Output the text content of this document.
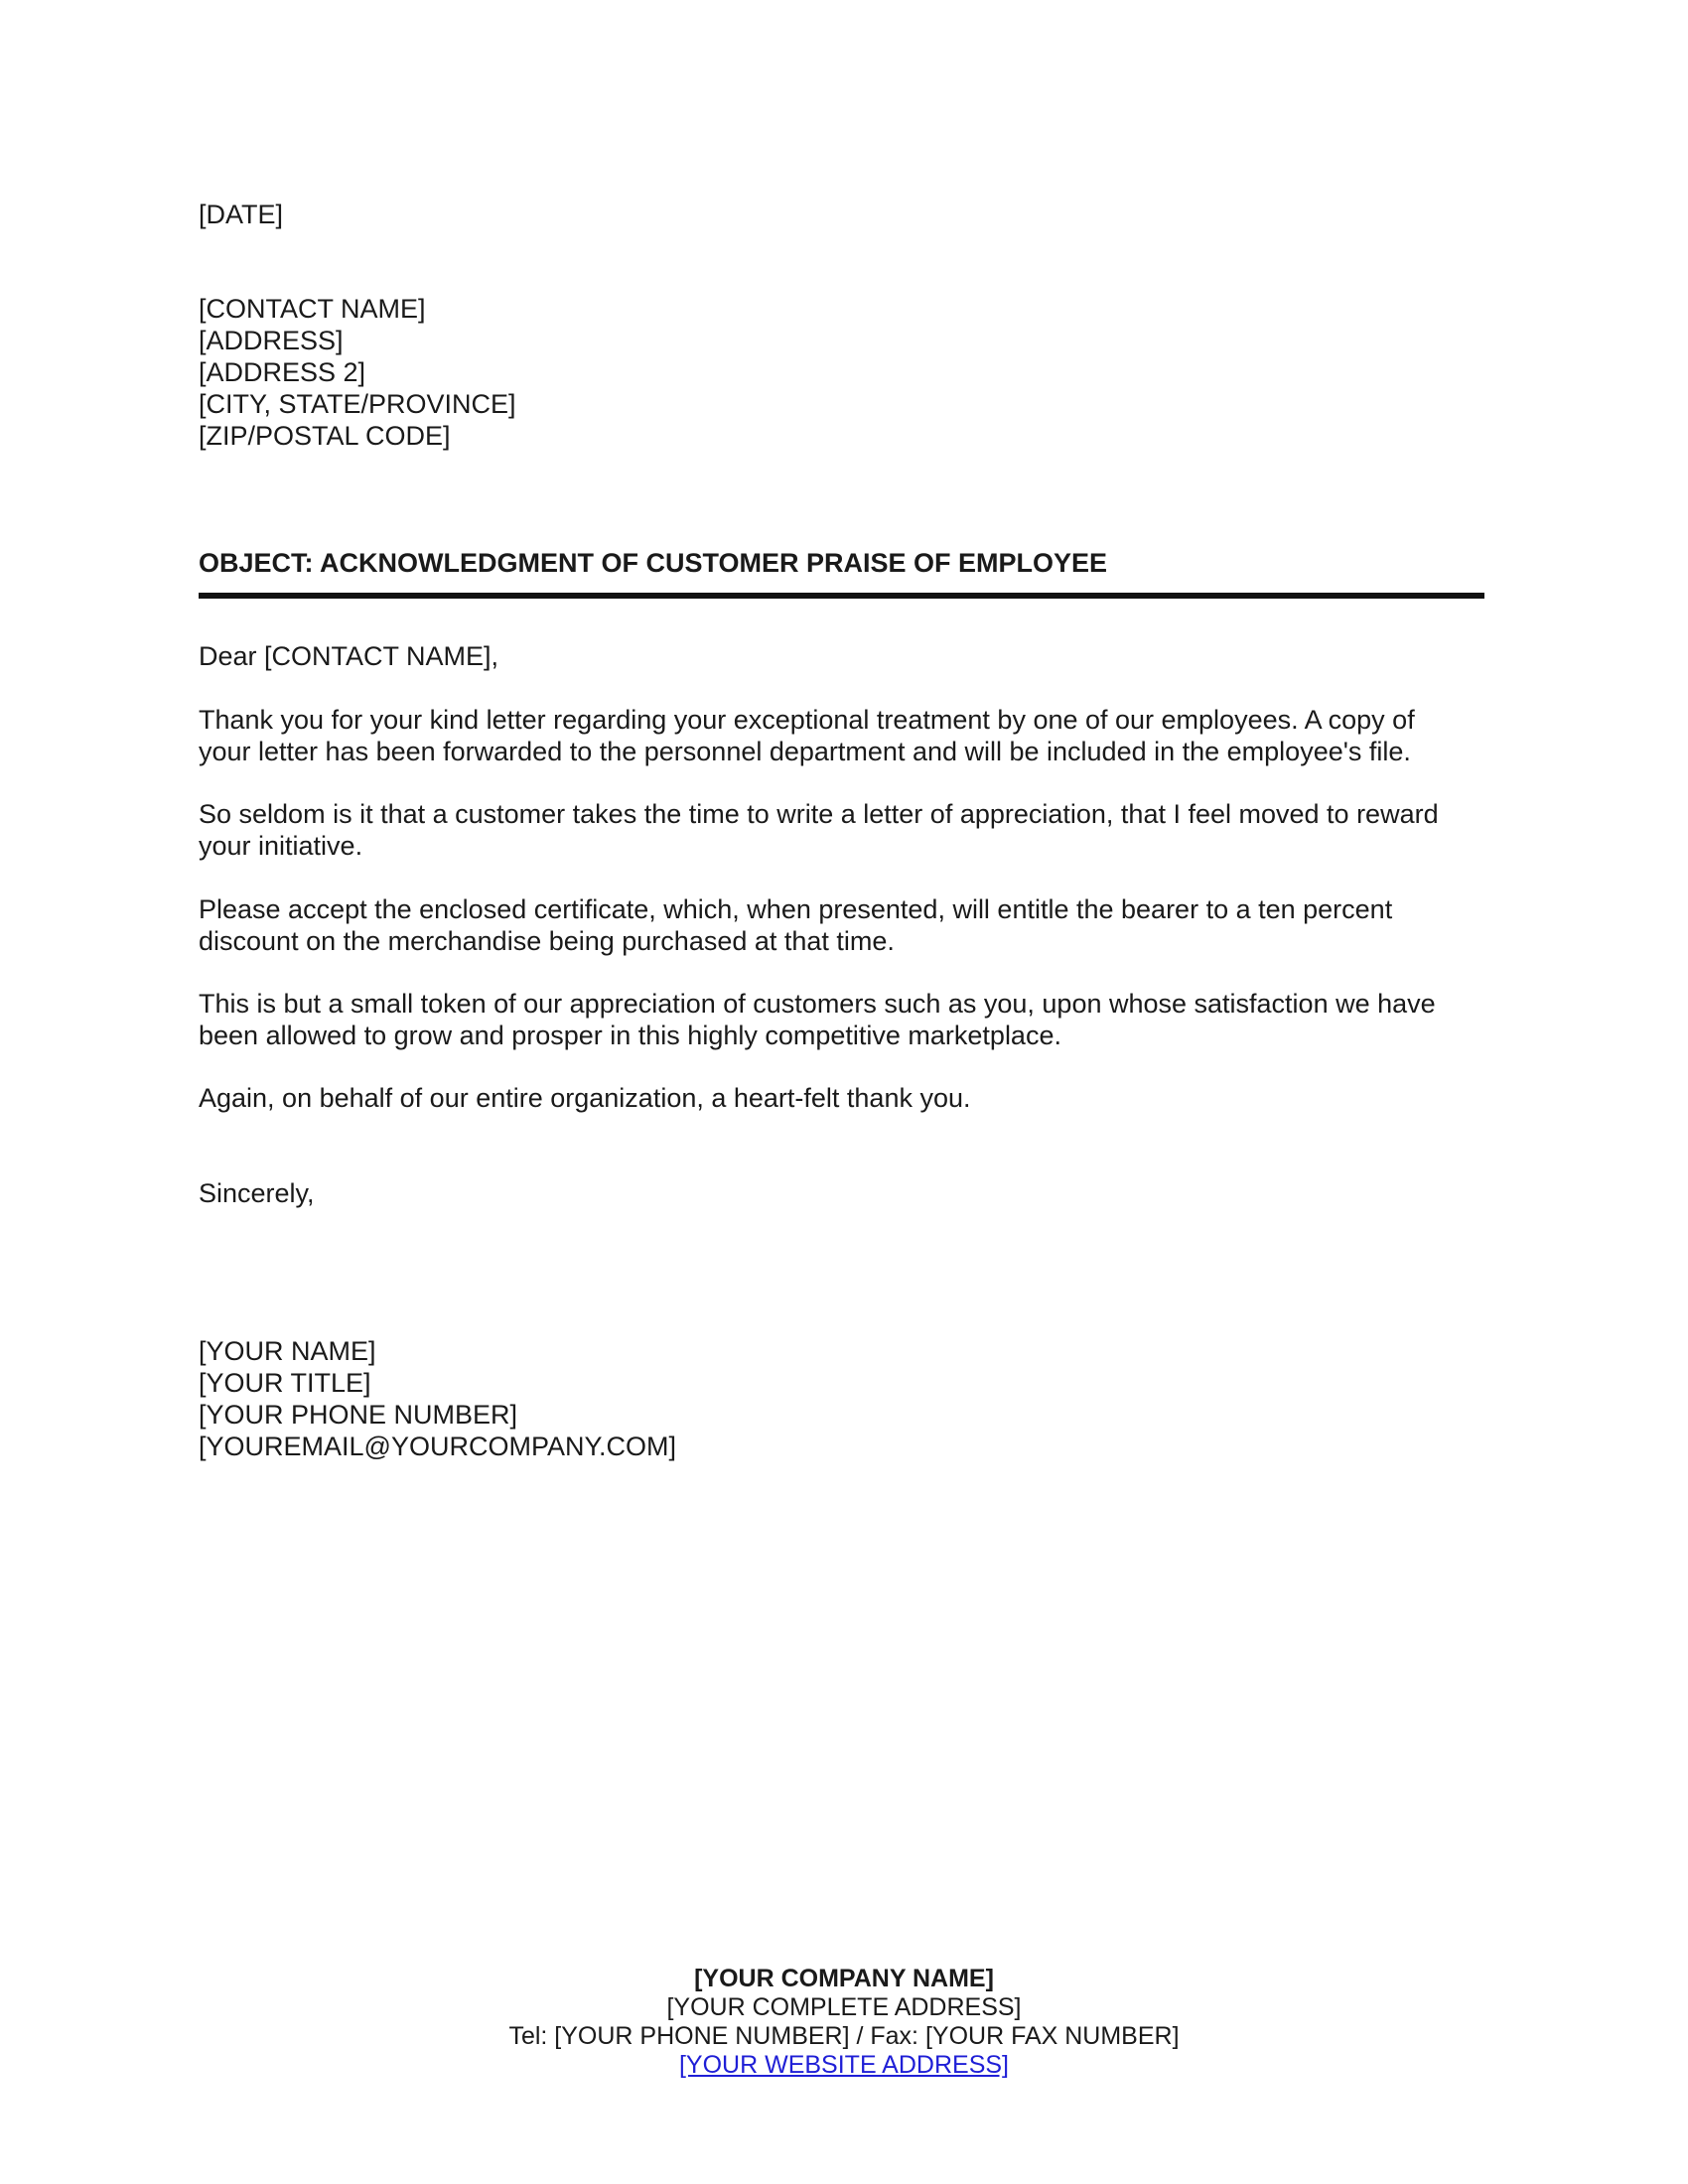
[DATE]
[CONTACT NAME]
[ADDRESS]
[ADDRESS 2]
[CITY, STATE/PROVINCE]
[ZIP/POSTAL CODE]
OBJECT: ACKNOWLEDGMENT OF CUSTOMER PRAISE OF EMPLOYEE
Dear [CONTACT NAME],

Thank you for your kind letter regarding your exceptional treatment by one of our employees. A copy of
your letter has been forwarded to the personnel department and will be included in the employee's file.

So seldom is it that a customer takes the time to write a letter of appreciation, that I feel moved to reward
your initiative.

Please accept the enclosed certificate, which, when presented, will entitle the bearer to a ten percent
discount on the merchandise being purchased at that time.

This is but a small token of our appreciation of customers such as you, upon whose satisfaction we have
been allowed to grow and prosper in this highly competitive marketplace.

Again, on behalf of our entire organization, a heart-felt thank you.

Sincerely,
[YOUR NAME]
[YOUR TITLE]
[YOUR PHONE NUMBER]
[YOUREMAIL@YOURCOMPANY.COM]
[YOUR COMPANY NAME]
[YOUR COMPLETE ADDRESS]
Tel: [YOUR PHONE NUMBER] / Fax: [YOUR FAX NUMBER]
[YOUR WEBSITE ADDRESS]
